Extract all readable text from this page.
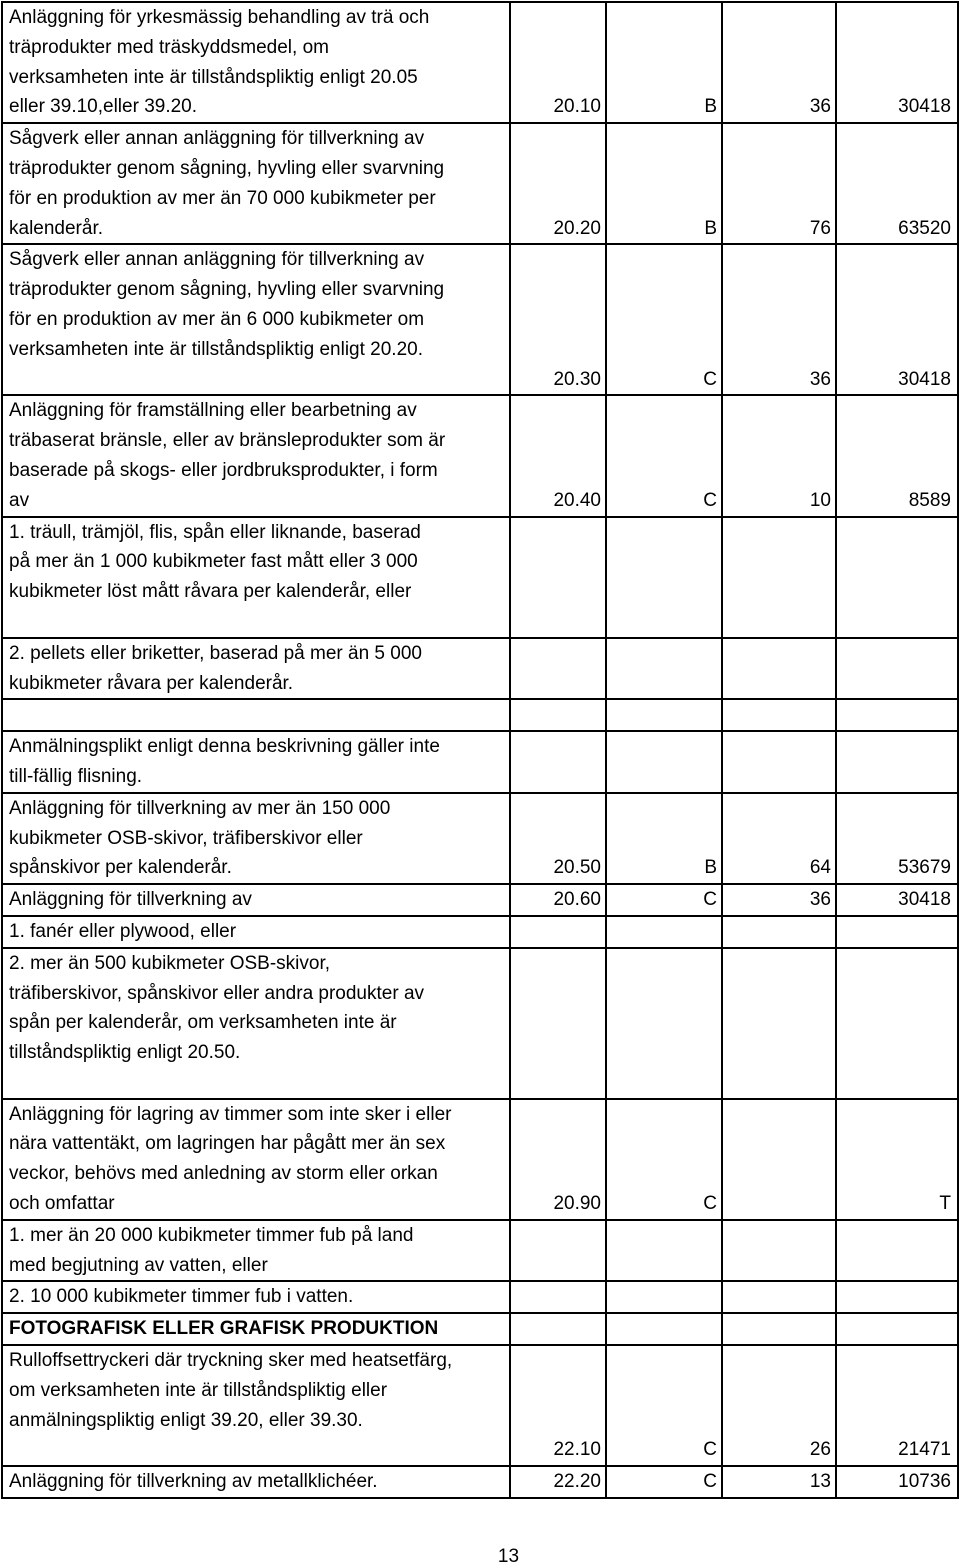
Anläggning för yrkesmässig behandling av trä och
träprodukter med träskyddsmedel, om
verksamheten inte är tillståndspliktig enligt 20.05
eller 39.10,eller 39.20.	20.10	B	36	30418

Sågverk eller annan anläggning för tillverkning av
träprodukter genom sågning, hyvling eller svarvning
för en produktion av mer än 70 000 kubikmeter per
kalenderår.	20.20	B	76	63520

Sågverk eller annan anläggning för tillverkning av
träprodukter genom sågning, hyvling eller svarvning
för en produktion av mer än 6 000 kubikmeter om
verksamheten inte är tillståndspliktig enligt 20.20.	20.30	C	36	30418

Anläggning för framställning eller bearbetning av
träbaserat bränsle, eller av bränsleprodukter som är
baserade på skogs- eller jordbruksprodukter, i form
av	20.40	C	10	8589

1. träull, trämjöl, flis, spån eller liknande, baserad
på mer än 1 000 kubikmeter fast mått eller 3 000
kubikmeter löst mått råvara per kalenderår, eller				

2. pellets eller briketter, baserad på mer än 5 000
kubikmeter råvara per kalenderår.				

Anmälningsplikt enligt denna beskrivning gäller inte
till-fällig flisning.				

Anläggning för tillverkning av mer än 150 000
kubikmeter OSB-skivor, träfiberskivor eller
spånskivor per kalenderår.	20.50	B	64	53679

Anläggning för tillverkning av	20.60	C	36	30418

1. fanér eller plywood, eller				

2. mer än 500 kubikmeter OSB-skivor,
träfiberskivor, spånskivor eller andra produkter av
spån per kalenderår, om verksamheten inte är
tillståndspliktig enligt 20.50.				

Anläggning för lagring av timmer som inte sker i eller
nära vattentäkt, om lagringen har pågått mer än sex
veckor, behövs med anledning av storm eller orkan
och omfattar	20.90	C		T

1. mer än 20 000 kubikmeter timmer fub på land
med begjutning av vatten, eller				

2. 10 000 kubikmeter timmer fub i vatten.				

FOTOGRAFISK ELLER GRAFISK PRODUKTION				

Rulloffsettryckeri där tryckning sker med heatsetfärg,
om verksamheten inte är tillståndspliktig eller
anmälningspliktig enligt 39.20, eller 39.30.	22.10	C	26	21471

Anläggning för tillverkning av metallklichéer.	22.20	C	13	10736
13
